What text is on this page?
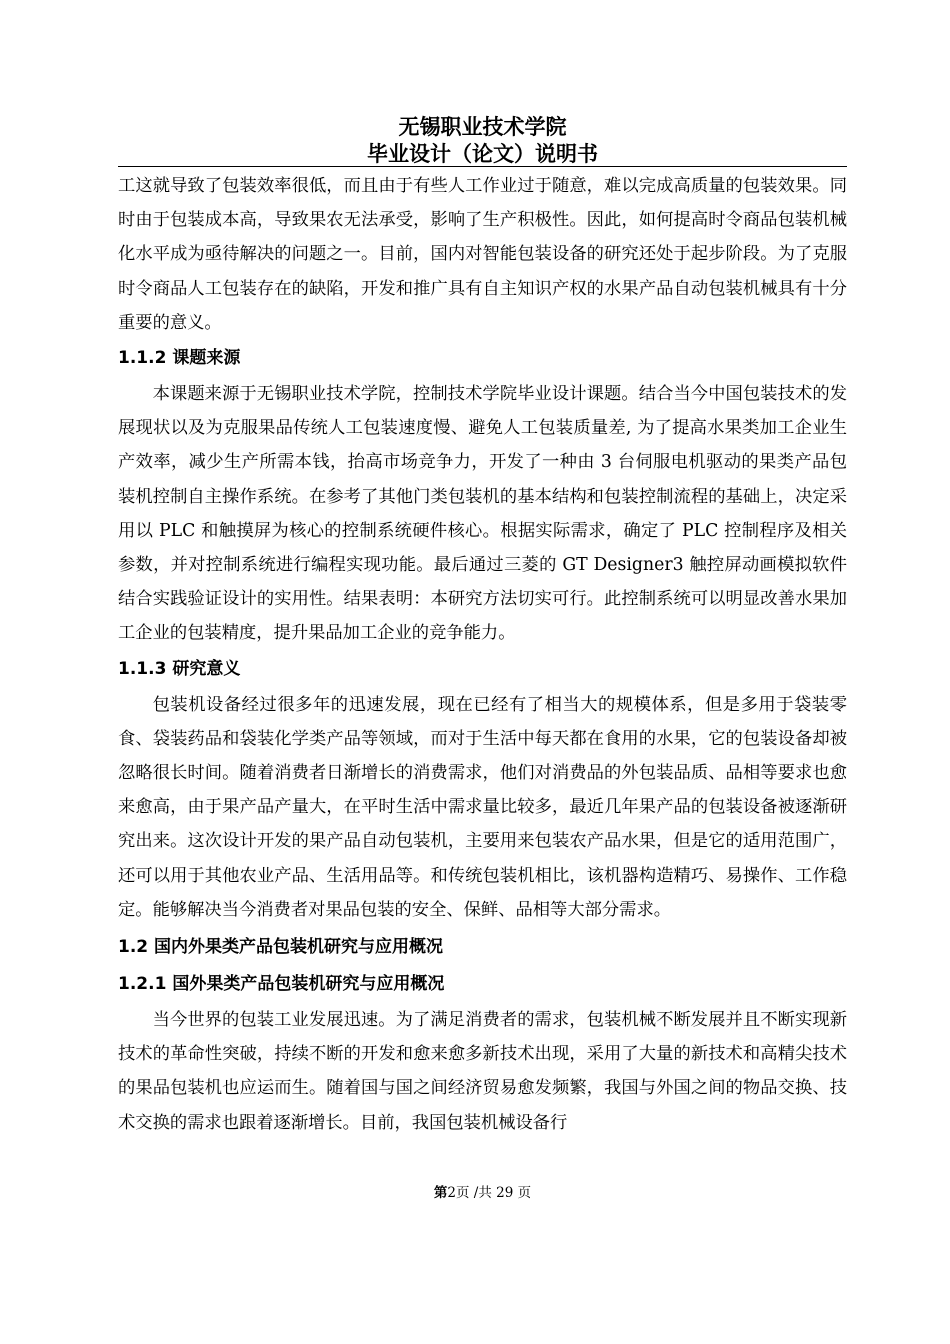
无锡职业技术学院
毕业设计（论文）说明书

工这就导致了包装效率很低，而且由于有些人工作业过于随意，难以完成高质量的包装效果。同时由于包装成本高，导致果农无法承受，影响了生产积极性。因此，如何提高时令商品包装机械化水平成为亟待解决的问题之一。目前，国内对智能包装设备的研究还处于起步阶段。为了克服时令商品人工包装存在的缺陷，开发和推广具有自主知识产权的水果产品自动包装机械具有十分重要的意义。

1.1.2 课题来源

本课题来源于无锡职业技术学院，控制技术学院毕业设计课题。结合当今中国包装技术的发展现状以及为克服果品传统人工包装速度慢、避免人工包装质量差, 为了提高水果类加工企业生产效率，减少生产所需本钱，抬高市场竞争力，开发了一种由 3 台伺服电机驱动的果类产品包装机控制自主操作系统。在参考了其他门类包装机的基本结构和包装控制流程的基础上，决定采用以 PLC 和触摸屏为核心的控制系统硬件核心。根据实际需求，确定了 PLC 控制程序及相关参数，并对控制系统进行编程实现功能。最后通过三菱的 GT Designer3 触控屏动画模拟软件结合实践验证设计的实用性。结果表明：本研究方法切实可行。此控制系统可以明显改善水果加工企业的包装精度，提升果品加工企业的竞争能力。

1.1.3 研究意义

包装机设备经过很多年的迅速发展，现在已经有了相当大的规模体系，但是多用于袋装零食、袋装药品和袋装化学类产品等领域，而对于生活中每天都在食用的水果，它的包装设备却被忽略很长时间。随着消费者日渐增长的消费需求，他们对消费品的外包装品质、品相等要求也愈来愈高，由于果产品产量大，在平时生活中需求量比较多，最近几年果产品的包装设备被逐渐研究出来。这次设计开发的果产品自动包装机，主要用来包装农产品水果，但是它的适用范围广，还可以用于其他农业产品、生活用品等。和传统包装机相比，该机器构造精巧、易操作、工作稳定。能够解决当今消费者对果品包装的安全、保鲜、品相等大部分需求。

1.2 国内外果类产品包装机研究与应用概况

1.2.1 国外果类产品包装机研究与应用概况

当今世界的包装工业发展迅速。为了满足消费者的需求，包装机械不断发展并且不断实现新技术的革命性突破，持续不断的开发和愈来愈多新技术出现，采用了大量的新技术和高精尖技术的果品包装机也应运而生。随着国与国之间经济贸易愈发频繁，我国与外国之间的物品交换、技术交换的需求也跟着逐渐增长。目前，我国包装机械设备行

第2页 /共 29 页
